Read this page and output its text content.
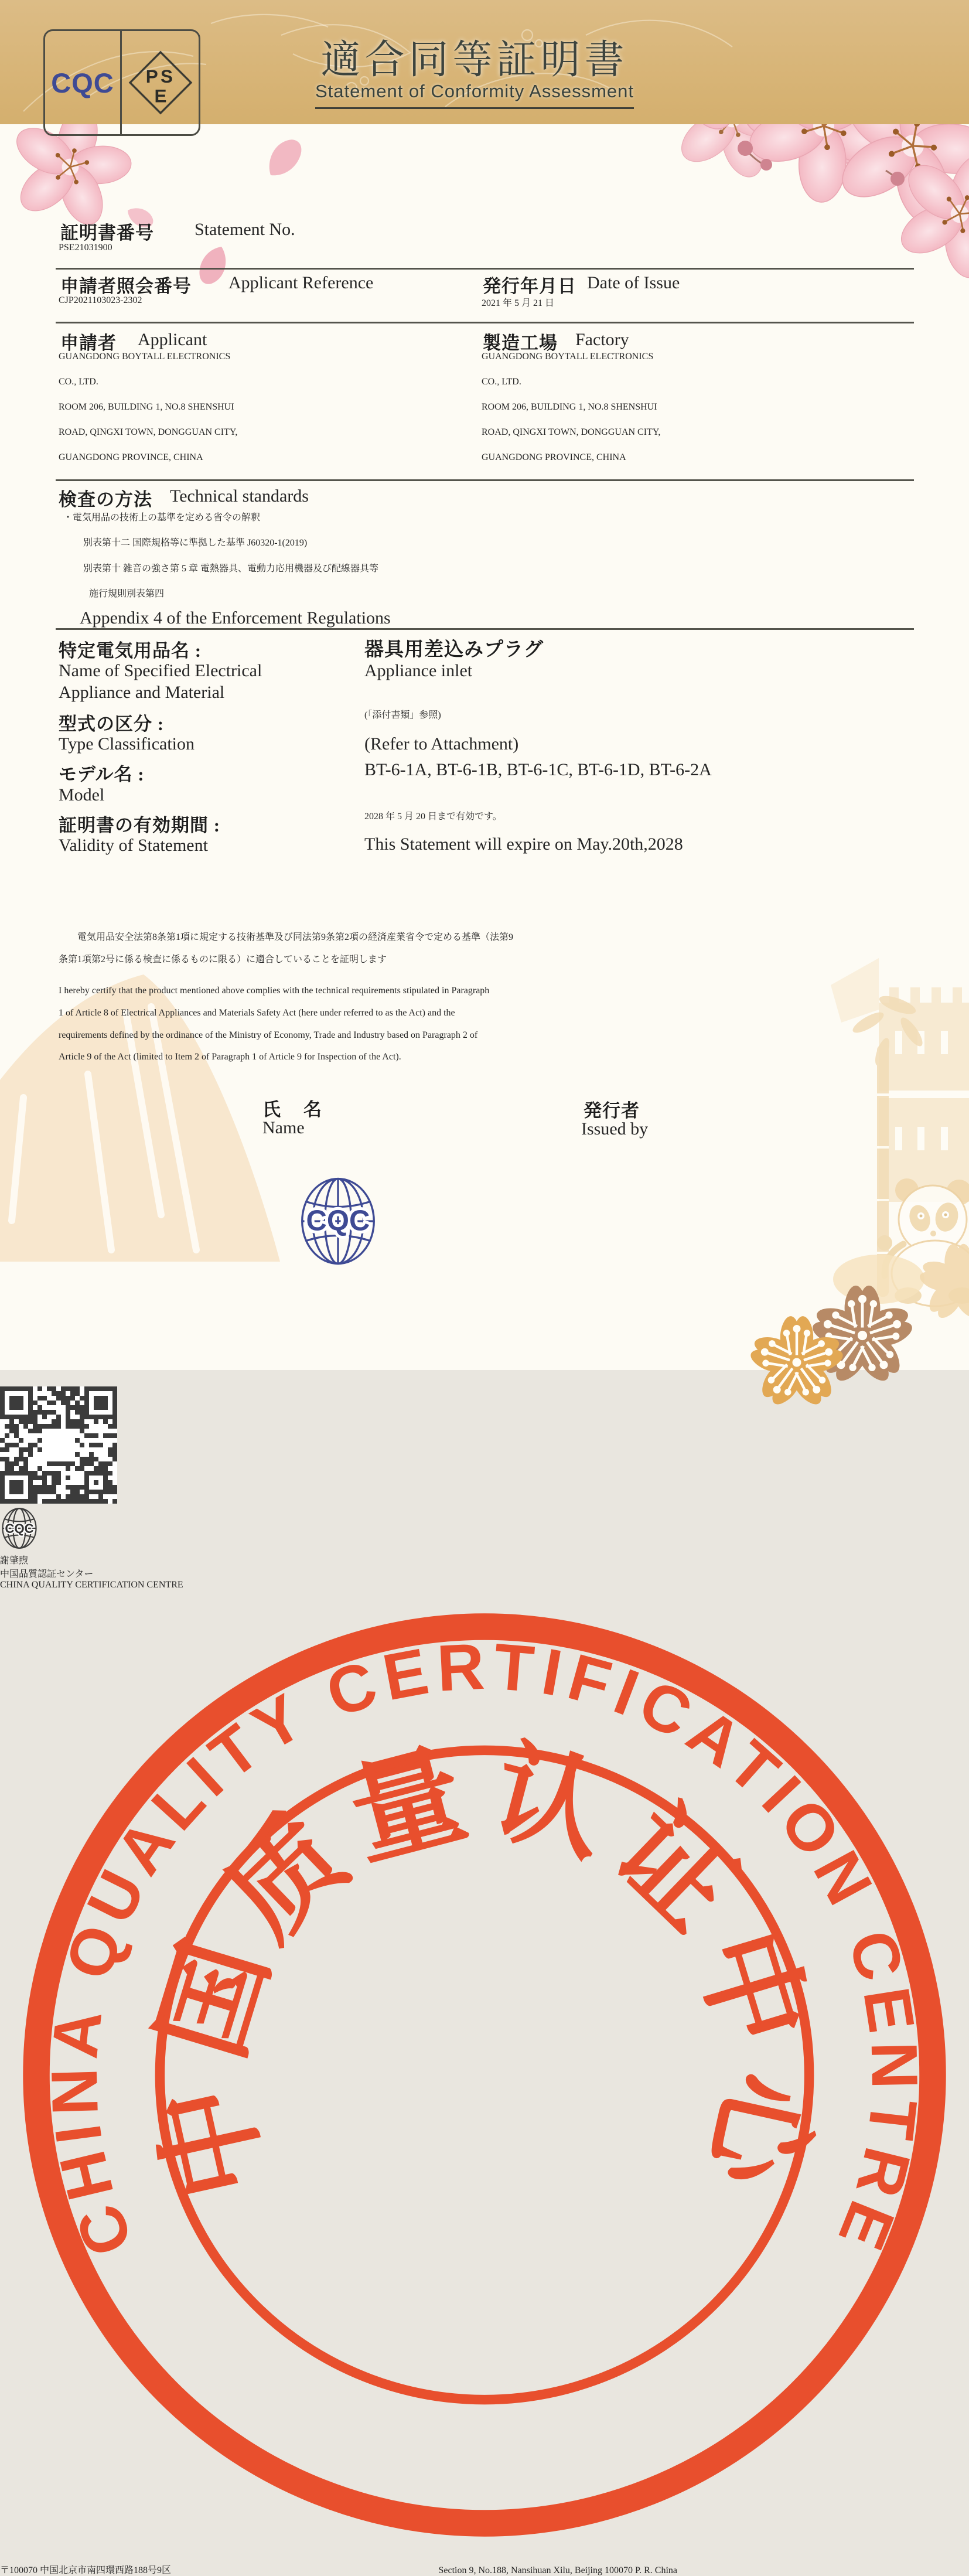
CQC PS
E
適合同等証明書
Statement of Conformity Assessment
証明書番号 Statement No.
PSE21031900
申請者照会番号 Applicant Reference
CJP2021103023-2302
発行年月日 Date of Issue
2021 年 5 月 21 日
申請者 Applicant
GUANGDONG BOYTALL ELECTRONICS
CO., LTD.
ROOM 206, BUILDING 1, NO.8 SHENSHUI
ROAD, QINGXI TOWN, DONGGUAN CITY,
GUANGDONG PROVINCE, CHINA
製造工場 Factory
GUANGDONG BOYTALL ELECTRONICS
CO., LTD.
ROOM 206, BUILDING 1, NO.8 SHENSHUI
ROAD, QINGXI TOWN, DONGGUAN CITY,
GUANGDONG PROVINCE, CHINA
検査の方法 Technical standards
・電気用品の技術上の基準を定める省令の解釈
別表第十二 国際規格等に準拠した基準 J60320-1(2019)
別表第十 雑音の強さ第 5 章 電熱器具、電動力応用機器及び配線器具等
施行規則別表第四
Appendix 4 of the Enforcement Regulations
特定電気用品名 :	器具用差込みプラグ
Name of Specified Electrical	Appliance inlet
Appliance and Material
型式の区分 :	(「添付書類」参照)
Type Classification	(Refer to Attachment)
モデル名 :	BT-6-1A, BT-6-1B, BT-6-1C, BT-6-1D, BT-6-2A
Model
証明書の有効期間 :	2028 年 5 月 20 日まで有効です。
Validity of Statement	This Statement will expire on May.20th,2028
電気用品安全法第8条第1項に規定する技術基準及び同法第9条第2項の経済産業省令で定める基準（法第9
条第1項第2号に係る検査に係るものに限る）に適合していることを証明します
I hereby certify that the product mentioned above complies with the technical requirements stipulated in Paragraph
1 of Article 8 of Electrical Appliances and Materials Safety Act (here under referred to as the Act) and the
requirements defined by the ordinance of the Ministry of Economy, Trade and Industry based on Paragraph 2 of
Article 9 of the Act (limited to Item 2 of Paragraph 1 of Article 9 for Inspection of the Act).
CQC
氏　名
Name
謝肇煦
発行者
Issued by
CQC
中国品質認証センター
CHINA QUALITY CERTIFICATION CENTRE
CHINA QUALITY CERTIFICATION CENTRE
中国质量认证中心
〒100070 中国北京市南四環西路188号9区	Section 9, No.188, Nansihuan Xilu, Beijing 100070 P. R. China
